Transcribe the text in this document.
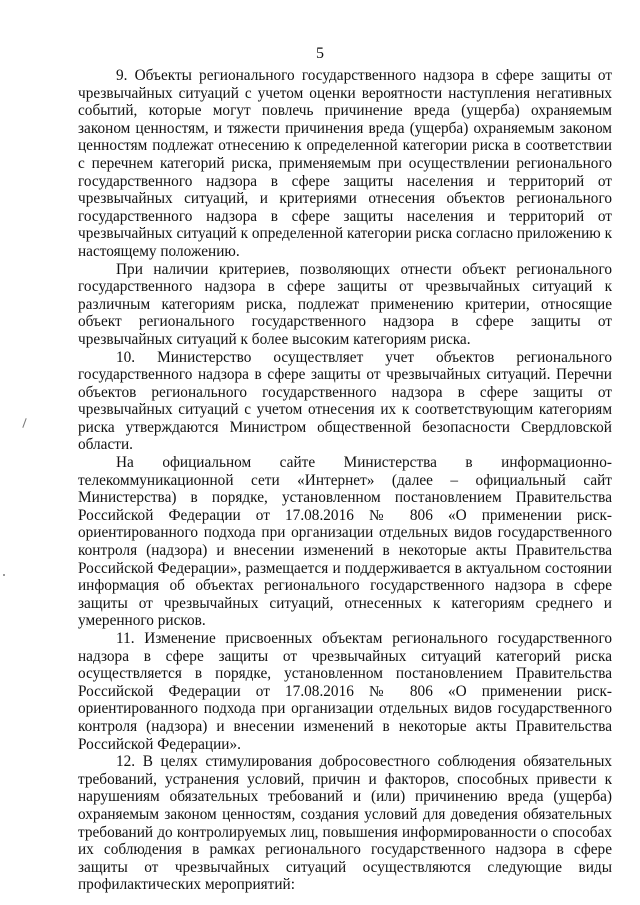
5

9. Объекты регионального государственного надзора в сфере защиты от чрезвычайных ситуаций с учетом оценки вероятности наступления негативных событий, которые могут повлечь причинение вреда (ущерба) охраняемым законом ценностям, и тяжести причинения вреда (ущерба) охраняемым законом ценностям подлежат отнесению к определенной категории риска в соответствии с перечнем категорий риска, применяемым при осуществлении регионального государственного надзора в сфере защиты населения и территорий от чрезвычайных ситуаций, и критериями отнесения объектов регионального государственного надзора в сфере защиты населения и территорий от чрезвычайных ситуаций к определенной категории риска согласно приложению к настоящему положению.

При наличии критериев, позволяющих отнести объект регионального государственного надзора в сфере защиты от чрезвычайных ситуаций к различным категориям риска, подлежат применению критерии, относящие объект регионального государственного надзора в сфере защиты от чрезвычайных ситуаций к более высоким категориям риска.

10. Министерство осуществляет учет объектов регионального государственного надзора в сфере защиты от чрезвычайных ситуаций. Перечни объектов регионального государственного надзора в сфере защиты от чрезвычайных ситуаций с учетом отнесения их к соответствующим категориям риска утверждаются Министром общественной безопасности Свердловской области.

На официальном сайте Министерства в информационно-телекоммуникационной сети «Интернет» (далее – официальный сайт Министерства) в порядке, установленном постановлением Правительства Российской Федерации от 17.08.2016 № 806 «О применении риск-ориентированного подхода при организации отдельных видов государственного контроля (надзора) и внесении изменений в некоторые акты Правительства Российской Федерации», размещается и поддерживается в актуальном состоянии информация об объектах регионального государственного надзора в сфере защиты от чрезвычайных ситуаций, отнесенных к категориям среднего и умеренного рисков.

11. Изменение присвоенных объектам регионального государственного надзора в сфере защиты от чрезвычайных ситуаций категорий риска осуществляется в порядке, установленном постановлением Правительства Российской Федерации от 17.08.2016 № 806 «О применении риск-ориентированного подхода при организации отдельных видов государственного контроля (надзора) и внесении изменений в некоторые акты Правительства Российской Федерации».

12. В целях стимулирования добросовестного соблюдения обязательных требований, устранения условий, причин и факторов, способных привести к нарушениям обязательных требований и (или) причинению вреда (ущерба) охраняемым законом ценностям, создания условий для доведения обязательных требований до контролируемых лиц, повышения информированности о способах их соблюдения в рамках регионального государственного надзора в сфере защиты от чрезвычайных ситуаций осуществляются следующие виды профилактических мероприятий:
